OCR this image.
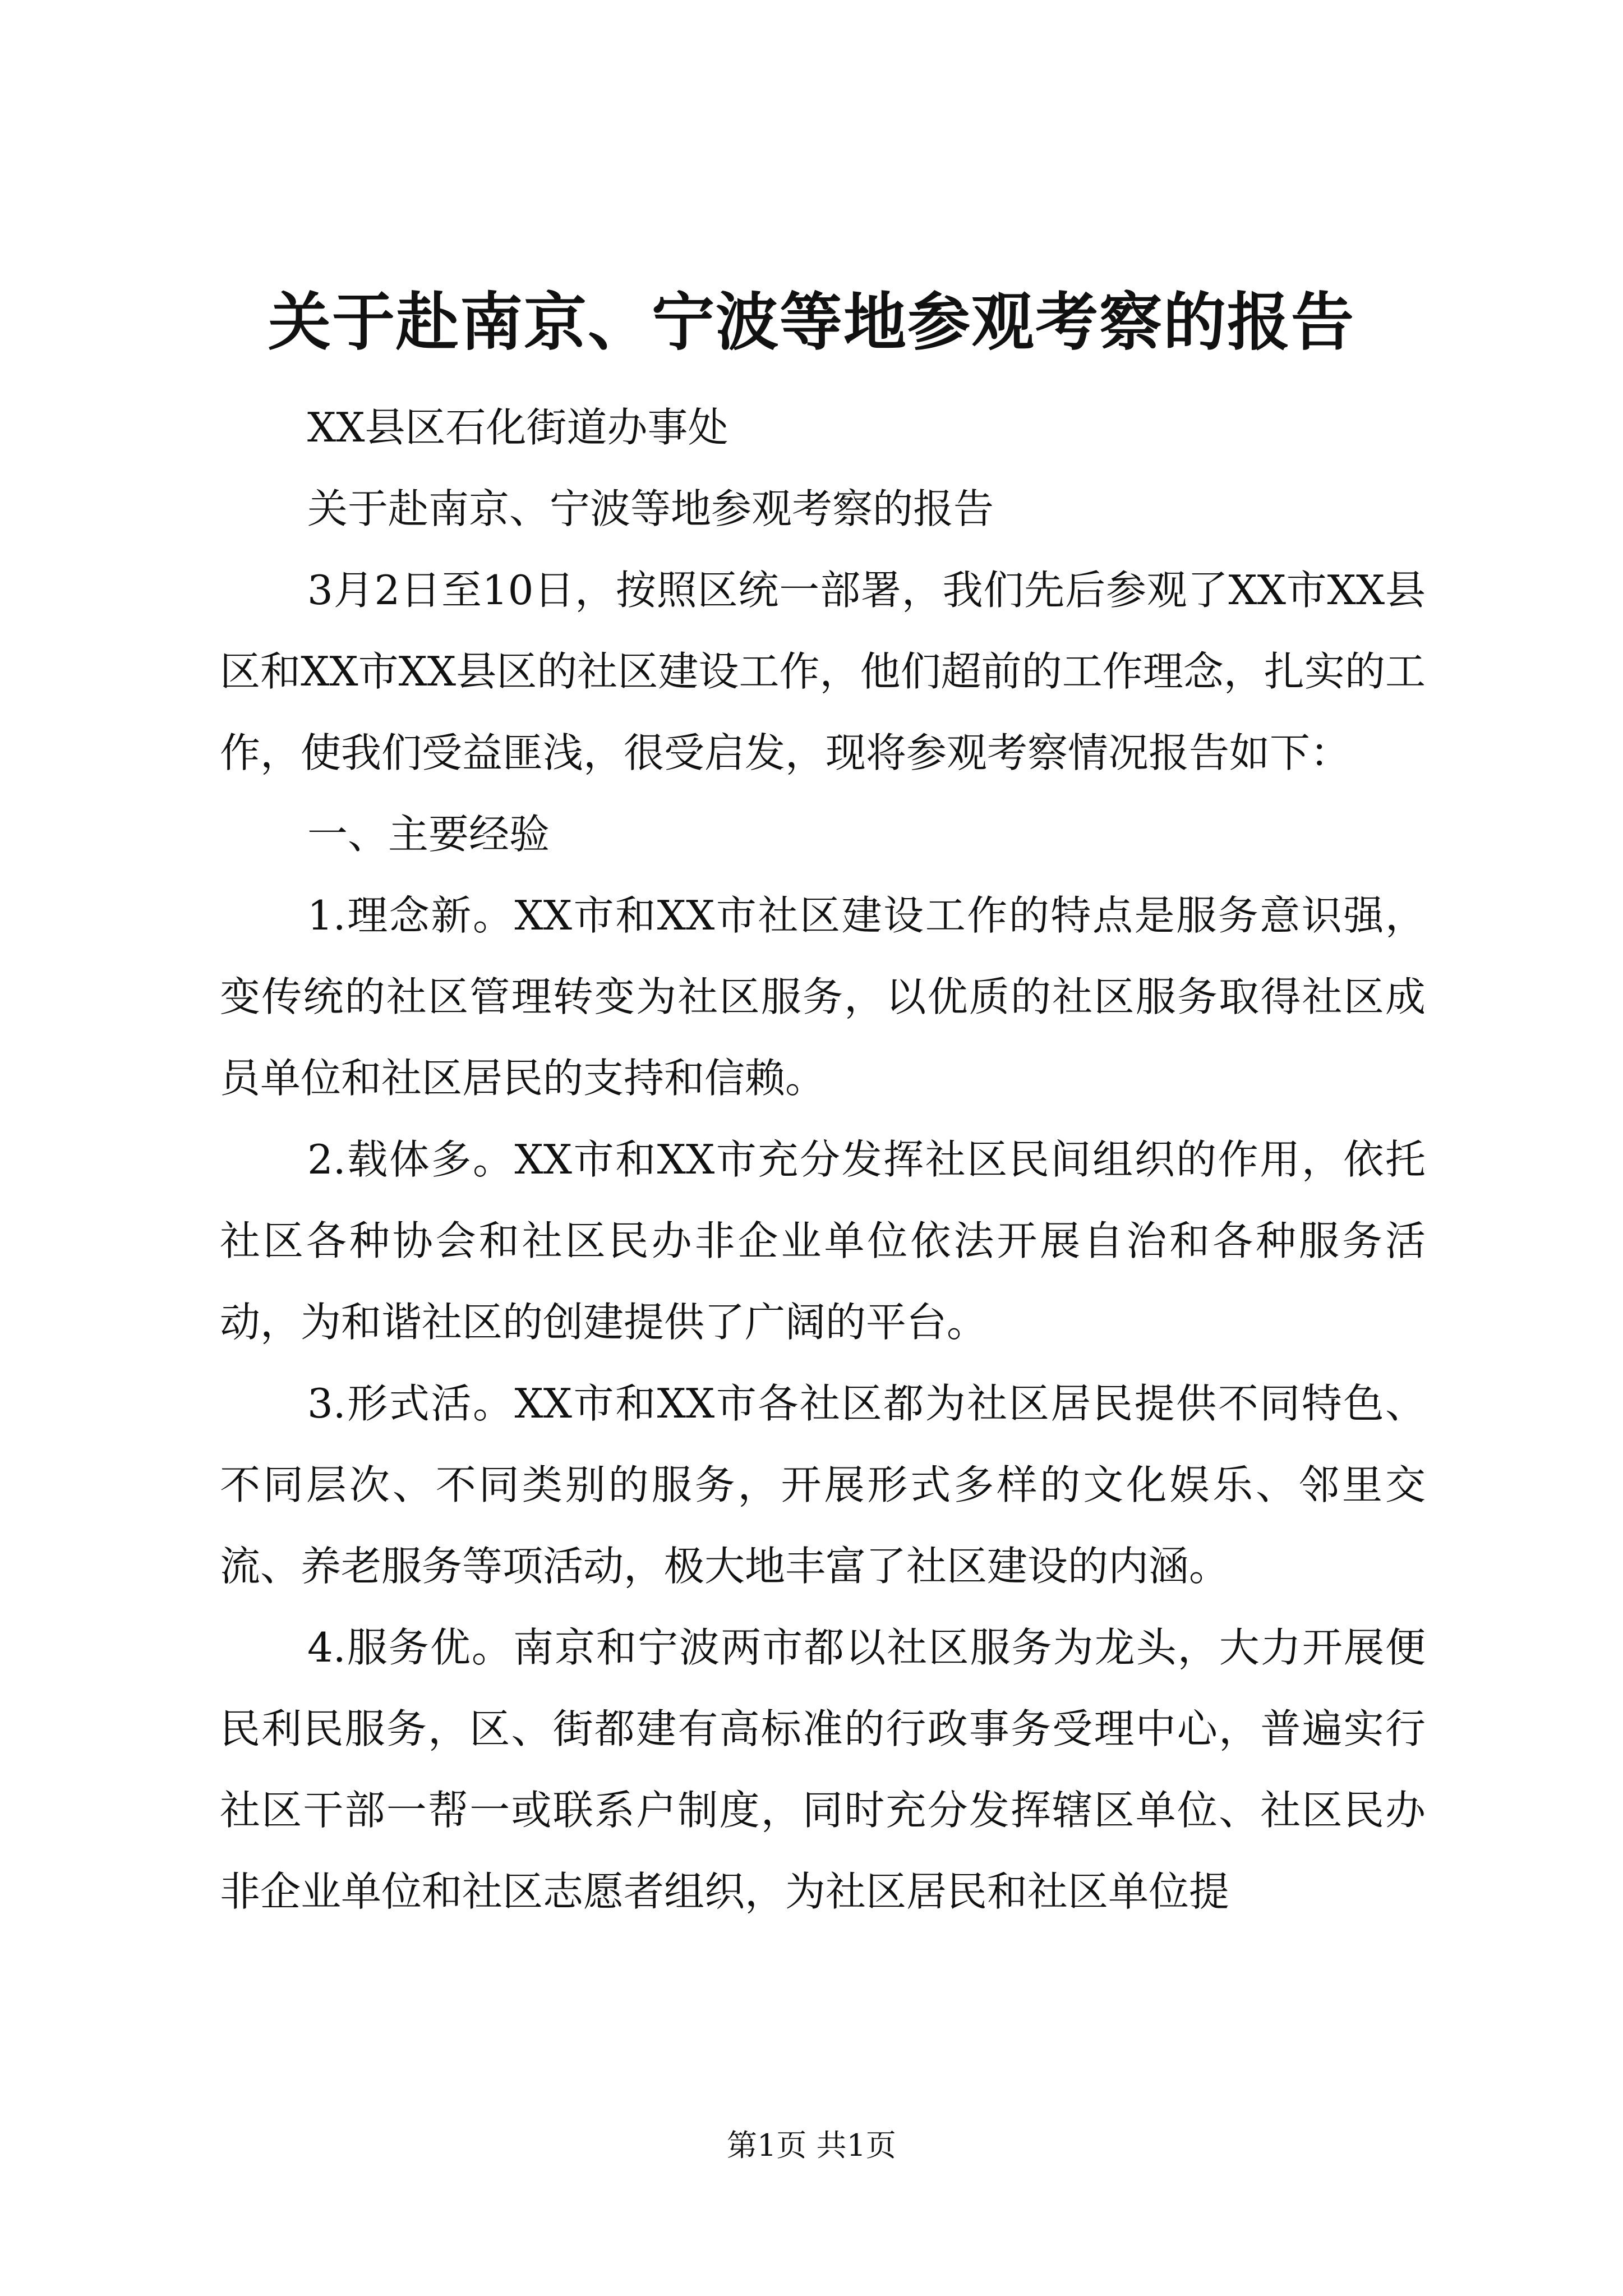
关于赴南京、宁波等地参观考察的报告

XX县区石化街道办事处

关于赴南京、宁波等地参观考察的报告

3月2日至10日，按照区统一部署，我们先后参观了XX市XX县区和XX市XX县区的社区建设工作，他们超前的工作理念，扎实的工作，使我们受益匪浅，很受启发，现将参观考察情况报告如下：

一、主要经验

1.理念新。XX市和XX市社区建设工作的特点是服务意识强，变传统的社区管理转变为社区服务，以优质的社区服务取得社区成员单位和社区居民的支持和信赖。

2.载体多。XX市和XX市充分发挥社区民间组织的作用，依托社区各种协会和社区民办非企业单位依法开展自治和各种服务活动，为和谐社区的创建提供了广阔的平台。

3.形式活。XX市和XX市各社区都为社区居民提供不同特色、不同层次、不同类别的服务，开展形式多样的文化娱乐、邻里交流、养老服务等项活动，极大地丰富了社区建设的内涵。

4.服务优。南京和宁波两市都以社区服务为龙头，大力开展便民利民服务，区、街都建有高标准的行政事务受理中心，普遍实行社区干部一帮一或联系户制度，同时充分发挥辖区单位、社区民办非企业单位和社区志愿者组织，为社区居民和社区单位提

第1页 共1页
